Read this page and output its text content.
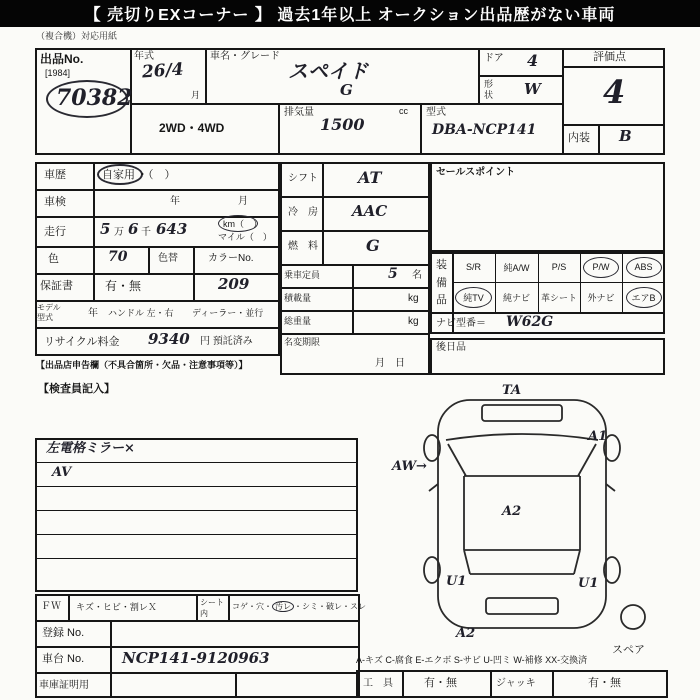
【 売切りEXコーナー 】 過去1年以上 オークション出品歴がない車両
（複合機）対応用紙
出品No.
[1984]
70382
年式
26/4
月
車名・グレード
スペイド
G
ドア 4
形状 W
評価点
4
2WD・4WD
排気量
1500
cc 型式
DBA-NCP141	内装 B
車歴	自家用 ・（　）
車検	年	月
走行 5 万 6 千 643	km（　）
マイル（　）
色	70	色替	カラーNo.
保証書	有・無	209
モデル
型式	年 ハンドル 左・右 ディーラー・並行
リサイクル料金 9340 円 預託済み
【出品店申告欄（不具合箇所・欠品・注意事項等）】
シフト	AT
冷　房 AAC
燃　料	G
乗車定員	5 名
積載量	kg
総重量	kg
名変期限
月　日
セールスポイント
装備品
S/R	純A/W	P/S	P/W	ABS
純TV	純ナビ	革シート	外ナビ	エアB
ナビ型番＝ W62G
後日品
【検査員記入】
左電格ミラー×
AV
TA
A1
AW→
A2
U1	U1
A2
スペア
ＦＷ キズ・ヒビ・割レＸ	シート内
コゲ・穴・ 汚レ ・シミ・破レ・スレ
登録 No.
車台 No.	NCP141-9120963
車庫証明用
A-キズ C-腐食 E-エクボ S-サビ U-凹ミ W-補修 XX-交換済
工　具	有・無	ジャッキ	有・無
